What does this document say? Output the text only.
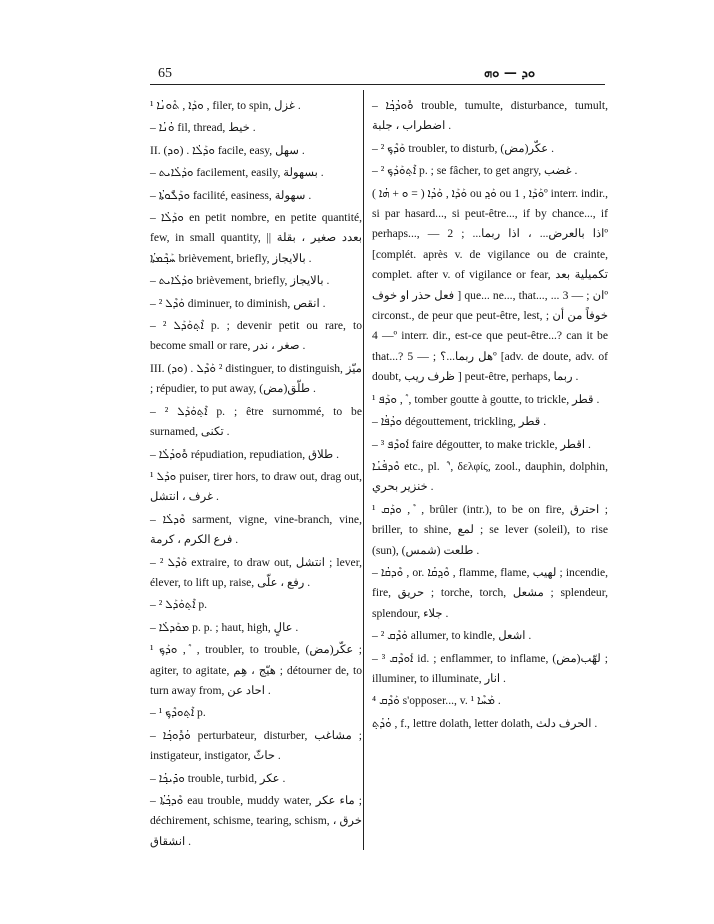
65	ܘܕ — ܘܗ

¹ ܘܕܰܐ , ܬܶܘܢܳܐ , filer, to spin, غزل .

– ܘܳܢܳܐ fil, thread, خيط .

II. (ܘܕ) . ܘܕܰܠܳܐ facile, easy, سهل .

– ܘܕܰܠܳܐܝܬ facilement, easily, بسهولة .

– ܘܕܰܠܽܘܬܳܐ facilité, easiness, سهولة .

– ܘܕܰܠܳܐ en petit nombre, en petite quantité, few, in small quantity, بعدد صغير ، بقلة || ܚܰܟ݂ܶܡܬܳܐ brièvement, briefly, بالايجاز .

– ܘܕܰܠܳܐܝܬ brièvement, briefly, بالايجاز .

– ² ܘܰܕܶܠ diminuer, to diminish, انقص .

– ² ܐܶܬ݂ܘܰܕܰܠ p. ; devenir petit ou rare, to become small or rare, صغر ، ندر .

III. (ܘܕ) . ² ܘܰܕܶܠ distinguer, to distinguish, ميّز ; répudier, to put away, طلّق(مض) .

– ² ܐܶܬ݂ܘܰܕܰܠ p. ; être surnommé, to be surnamed, تكنى .

– ܘܽܘܕܳܠܳܐ répudiation, repudiation, طلاق .

¹ ܘܕܰܠ puiser, tirer hors, to draw out, drag out, غرف ، انتشل .

– ܘܶܕܠܳܐ sarment, vigne, vine-branch, vine, فرع الكرم ، كرمة .

– ² ܘܰܕܶܠ extraire, to draw out, انتشل ; lever, élever, to lift up, raise, رفع ، علّى .

– ² ܐܶܬ݂ܘܰܕܰܠ p.

– ܡܘܰܕܠܳܐ p. p. ; haut, high, عالٍ .

¹ ܘܕܰܟ݂ , ܶ , troubler, to trouble, عكّر(مض) ; agiter, to agitate, هيّج ، هِم ; détourner de, to turn away from, احاد عن .

– ¹ ܐܶܬ݂ܘܕܶܟ݂ p.

– ܘܳܕܽܘܟ݂ܳܐ perturbateur, disturber, مشاغب ; instigateur, instigator, حاثّ .

– ܘܕܺܝܟ݂ܳܐ trouble, turbid, عكر .

– ܘܶܕܟ݂ܳܬܳܐ eau trouble, muddy water, ماء عكر ; déchirement, schisme, tearing, schism, خرق ، انشقاق .

– ܘܽܘܕܳܟ݂ܳܐ trouble, tumulte, disturbance, tumult, اضطراب ، جلبة .

– ² ܘܰܕܶܟ݂ troubler, to disturb, عكّر(مض) .

– ² ܐܶܬ݂ܘܰܕܰܟ݂ p. ; se fâcher, to get angry, غضب .

ܘܰܕܰܐ , ܘܰܕܳܐ ( = ܘ + ܗܳܐ ) ou ܘܰܕ݂ ou ܘܰܕܰܐ , 1º interr. indir., si par hasard..., si peut-être..., if by chance..., if perhaps..., — اذا بالعرض... ، اذا ربما... ; 2º [complét. après v. de vigilance ou de crainte, complet. after v. of vigilance or fear, تكميلية بعد فعل حذر او خوف ] que... ne..., that..., ... ان ; — 3º circonst., de peur que peut-être, lest, خوفاً من أن ; — 4º interr. dir., est-ce que peut-être...? can it be that...? هل ربما...؟ ; — 5º [adv. de doute, adv. of doubt, ظرف ريب ] peut-être, perhaps, ربما .

¹ ܘܕܰܦ , ܶ , tomber goutte à goutte, to trickle, قطر .

– ܘܕܳܦܳܐ dégouttement, trickling, قطر .

– ³ ܐܰܘܕܶܦ faire dégoutter, to make trickle, اقطر .

ܘܶܕܦܳܢܳܐ etc., pl. ܶ ', δελφίς, zool., dauphin, dolphin, خنزير بحري .

¹ ܘܕܰܩ , ܶ , brûler (intr.), to be on fire, احترق ; briller, to shine, لمع ; se lever (soleil), to rise (sun), طلعت (شمس) .

– ܘܶܕܩܳܐ , or. ܘܶܕ݂ܩܳܐ , flamme, flame, لهيب ; incendie, fire, حريق ; torche, torch, مشعل ; splendeur, splendour, جلاء .

– ² ܘܰܕܶܩ allumer, to kindle, اشعل .

– ³ ܐܰܘܕܶܩ id. ; enflammer, to inflame, لهّب(مض) ; illuminer, to illuminate, انار .

⁴ ܘܰܕܶܩ s'opposer..., v. ¹ ܡܰܚܶܐ .

ܘܳܕܳܬ݂ , f., lettre dolath, letter dolath, الحرف دلث .
